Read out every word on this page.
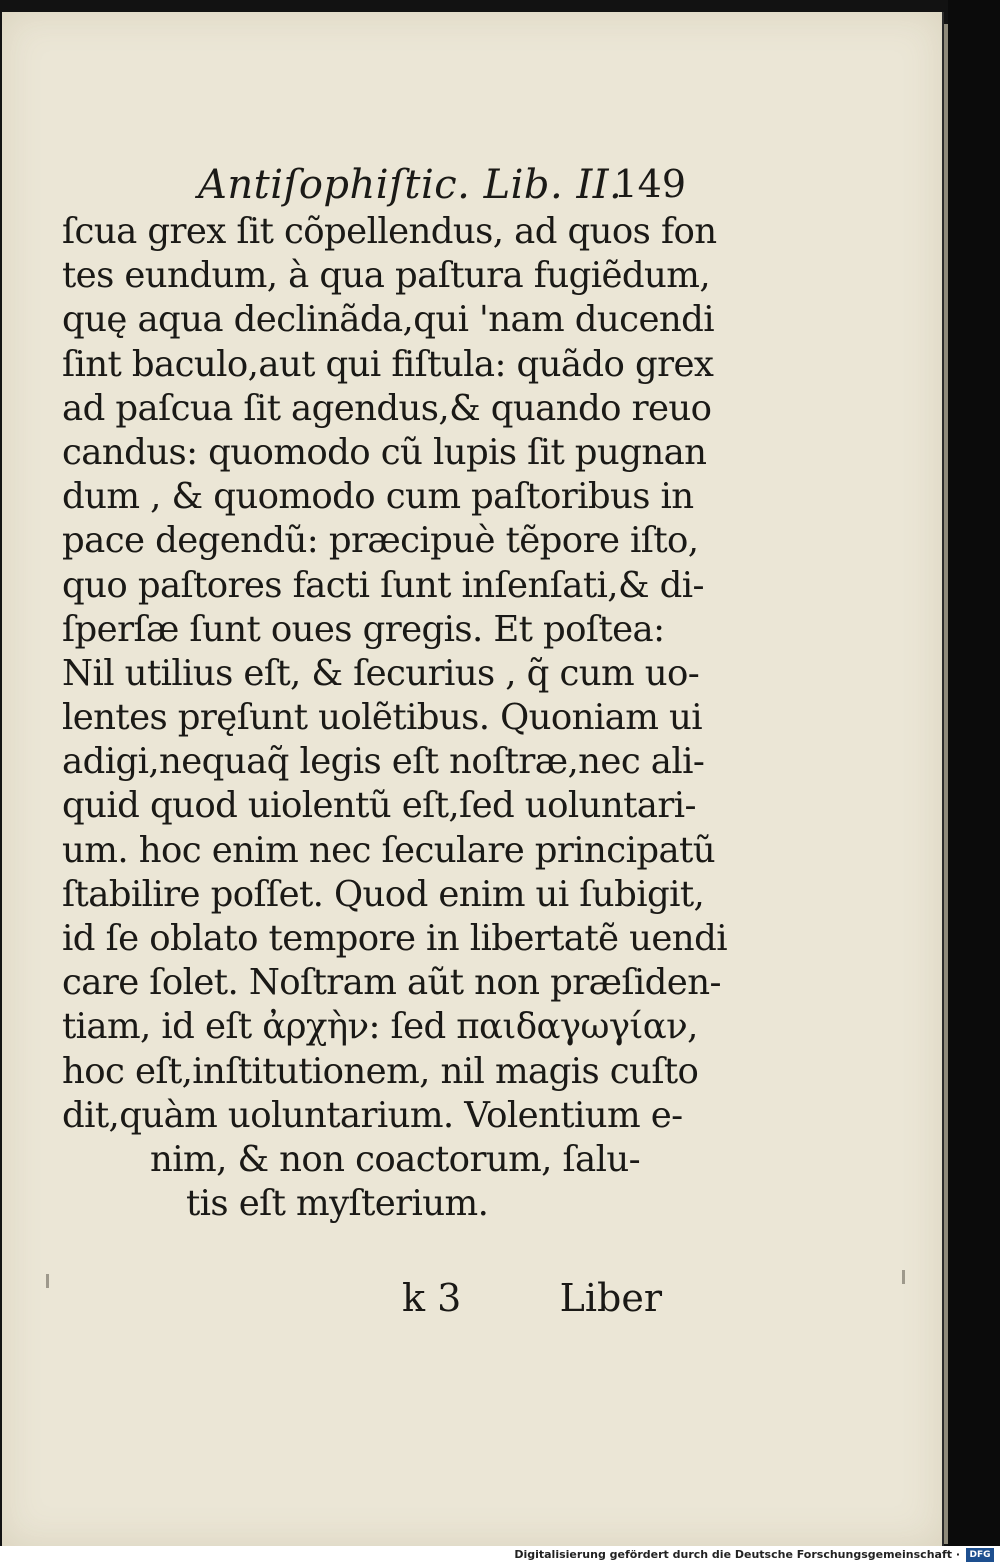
Antiſophiſtic. Lib. II.
149
ſcua grex ſit cõpellendus, ad quos fon
tes eundum, à qua paſtura fugiẽdum,
quę aqua declinãda,qui 'nam ducendi
ſint baculo,aut qui fiſtula: quãdo grex
ad paſcua ſit agendus,& quando reuo
candus: quomodo cũ lupis ſit pugnan
dum , & quomodo cum paſtoribus in
pace degendũ: præcipuè tẽpore iſto,
quo paſtores facti ſunt inſenſati,& di-
ſperſæ ſunt oues gregis. Et poſtea:
Nil utilius eſt, & ſecurius , q̃ cum uo-
lentes pręſunt uolẽtibus. Quoniam ui
adigi,nequaq̃ legis eſt noſtræ,nec ali-
quid quod uiolentũ eſt,ſed uoluntari-
um. hoc enim nec ſeculare principatũ
ſtabilire poſſet. Quod enim ui ſubigit,
id ſe oblato tempore in libertatẽ uendi
care ſolet. Noſtram aũt non præſiden-
tiam, id eſt ἀρχὴν: ſed παιδαγωγίαν,
hoc eſt,inſtitutionem, nil magis cuſto
dit,quàm uoluntarium. Volentium e-
nim, & non coactorum, ſalu-
tis eſt myſterium.
k 3	Liber
Digitalisierung gefördert durch die Deutsche Forschungsgemeinschaft ·	DFG
